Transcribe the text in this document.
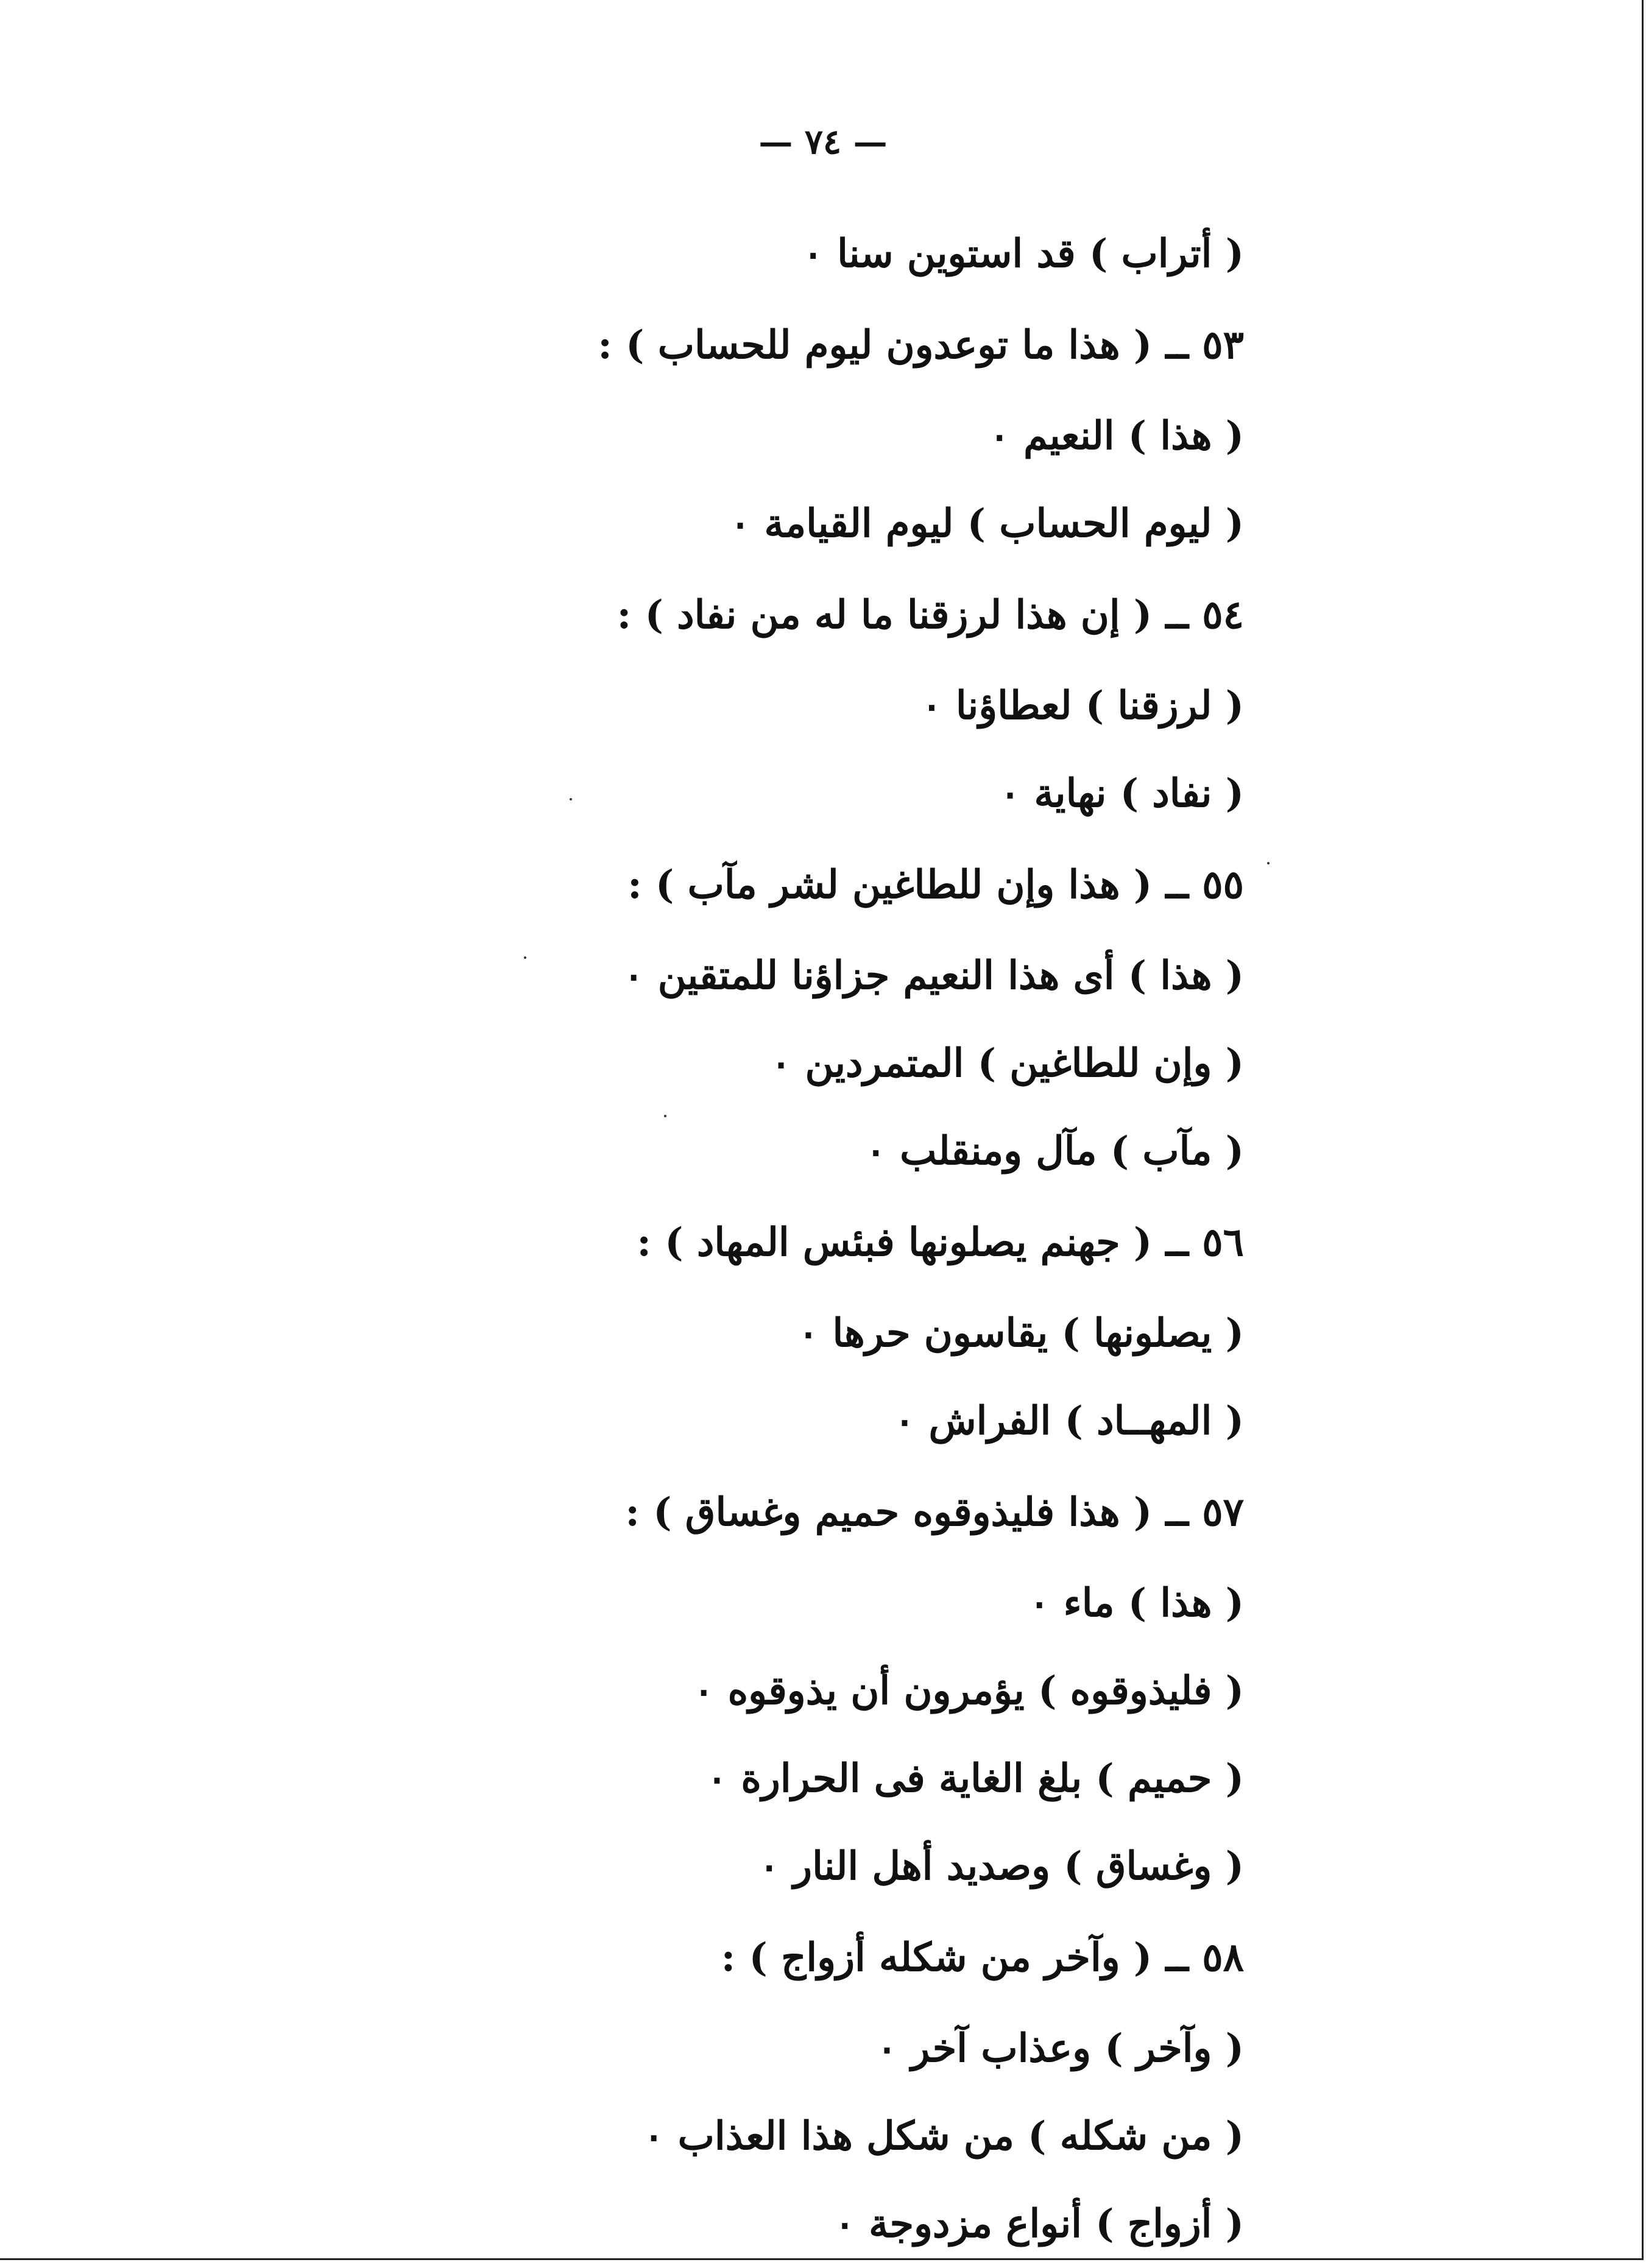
— ٧٤ —
( أتراب ) قد استوين سنا ٠
٥٣ ــ ( هذا ما توعدون ليوم للحساب ) :
( هذا ) النعيم ٠
( ليوم الحساب ) ليوم القيامة ٠
٥٤ ــ ( إن هذا لرزقنا ما له من نفاد ) :
( لرزقنا ) لعطاؤنا ٠
( نفاد ) نهاية ٠
٥٥ ــ ( هذا وإن للطاغين لشر مآب ) :
( هذا ) أى هذا النعيم جزاؤنا للمتقين ٠
( وإن للطاغين ) المتمردين ٠
( مآب ) مآل ومنقلب ٠
٥٦ ــ ( جهنم يصلونها فبئس المهاد ) :
( يصلونها ) يقاسون حرها ٠
( المهــاد ) الفراش ٠
٥٧ ــ ( هذا فليذوقوه حميم وغساق ) :
( هذا ) ماء ٠
( فليذوقوه ) يؤمرون أن يذوقوه ٠
( حميم ) بلغ الغاية فى الحرارة ٠
( وغساق ) وصديد أهل النار ٠
٥٨ ــ ( وآخر من شكله أزواج ) :
( وآخر ) وعذاب آخر ٠
( من شكله ) من شكل هذا العذاب ٠
( أزواج ) أنواع مزدوجة ٠
